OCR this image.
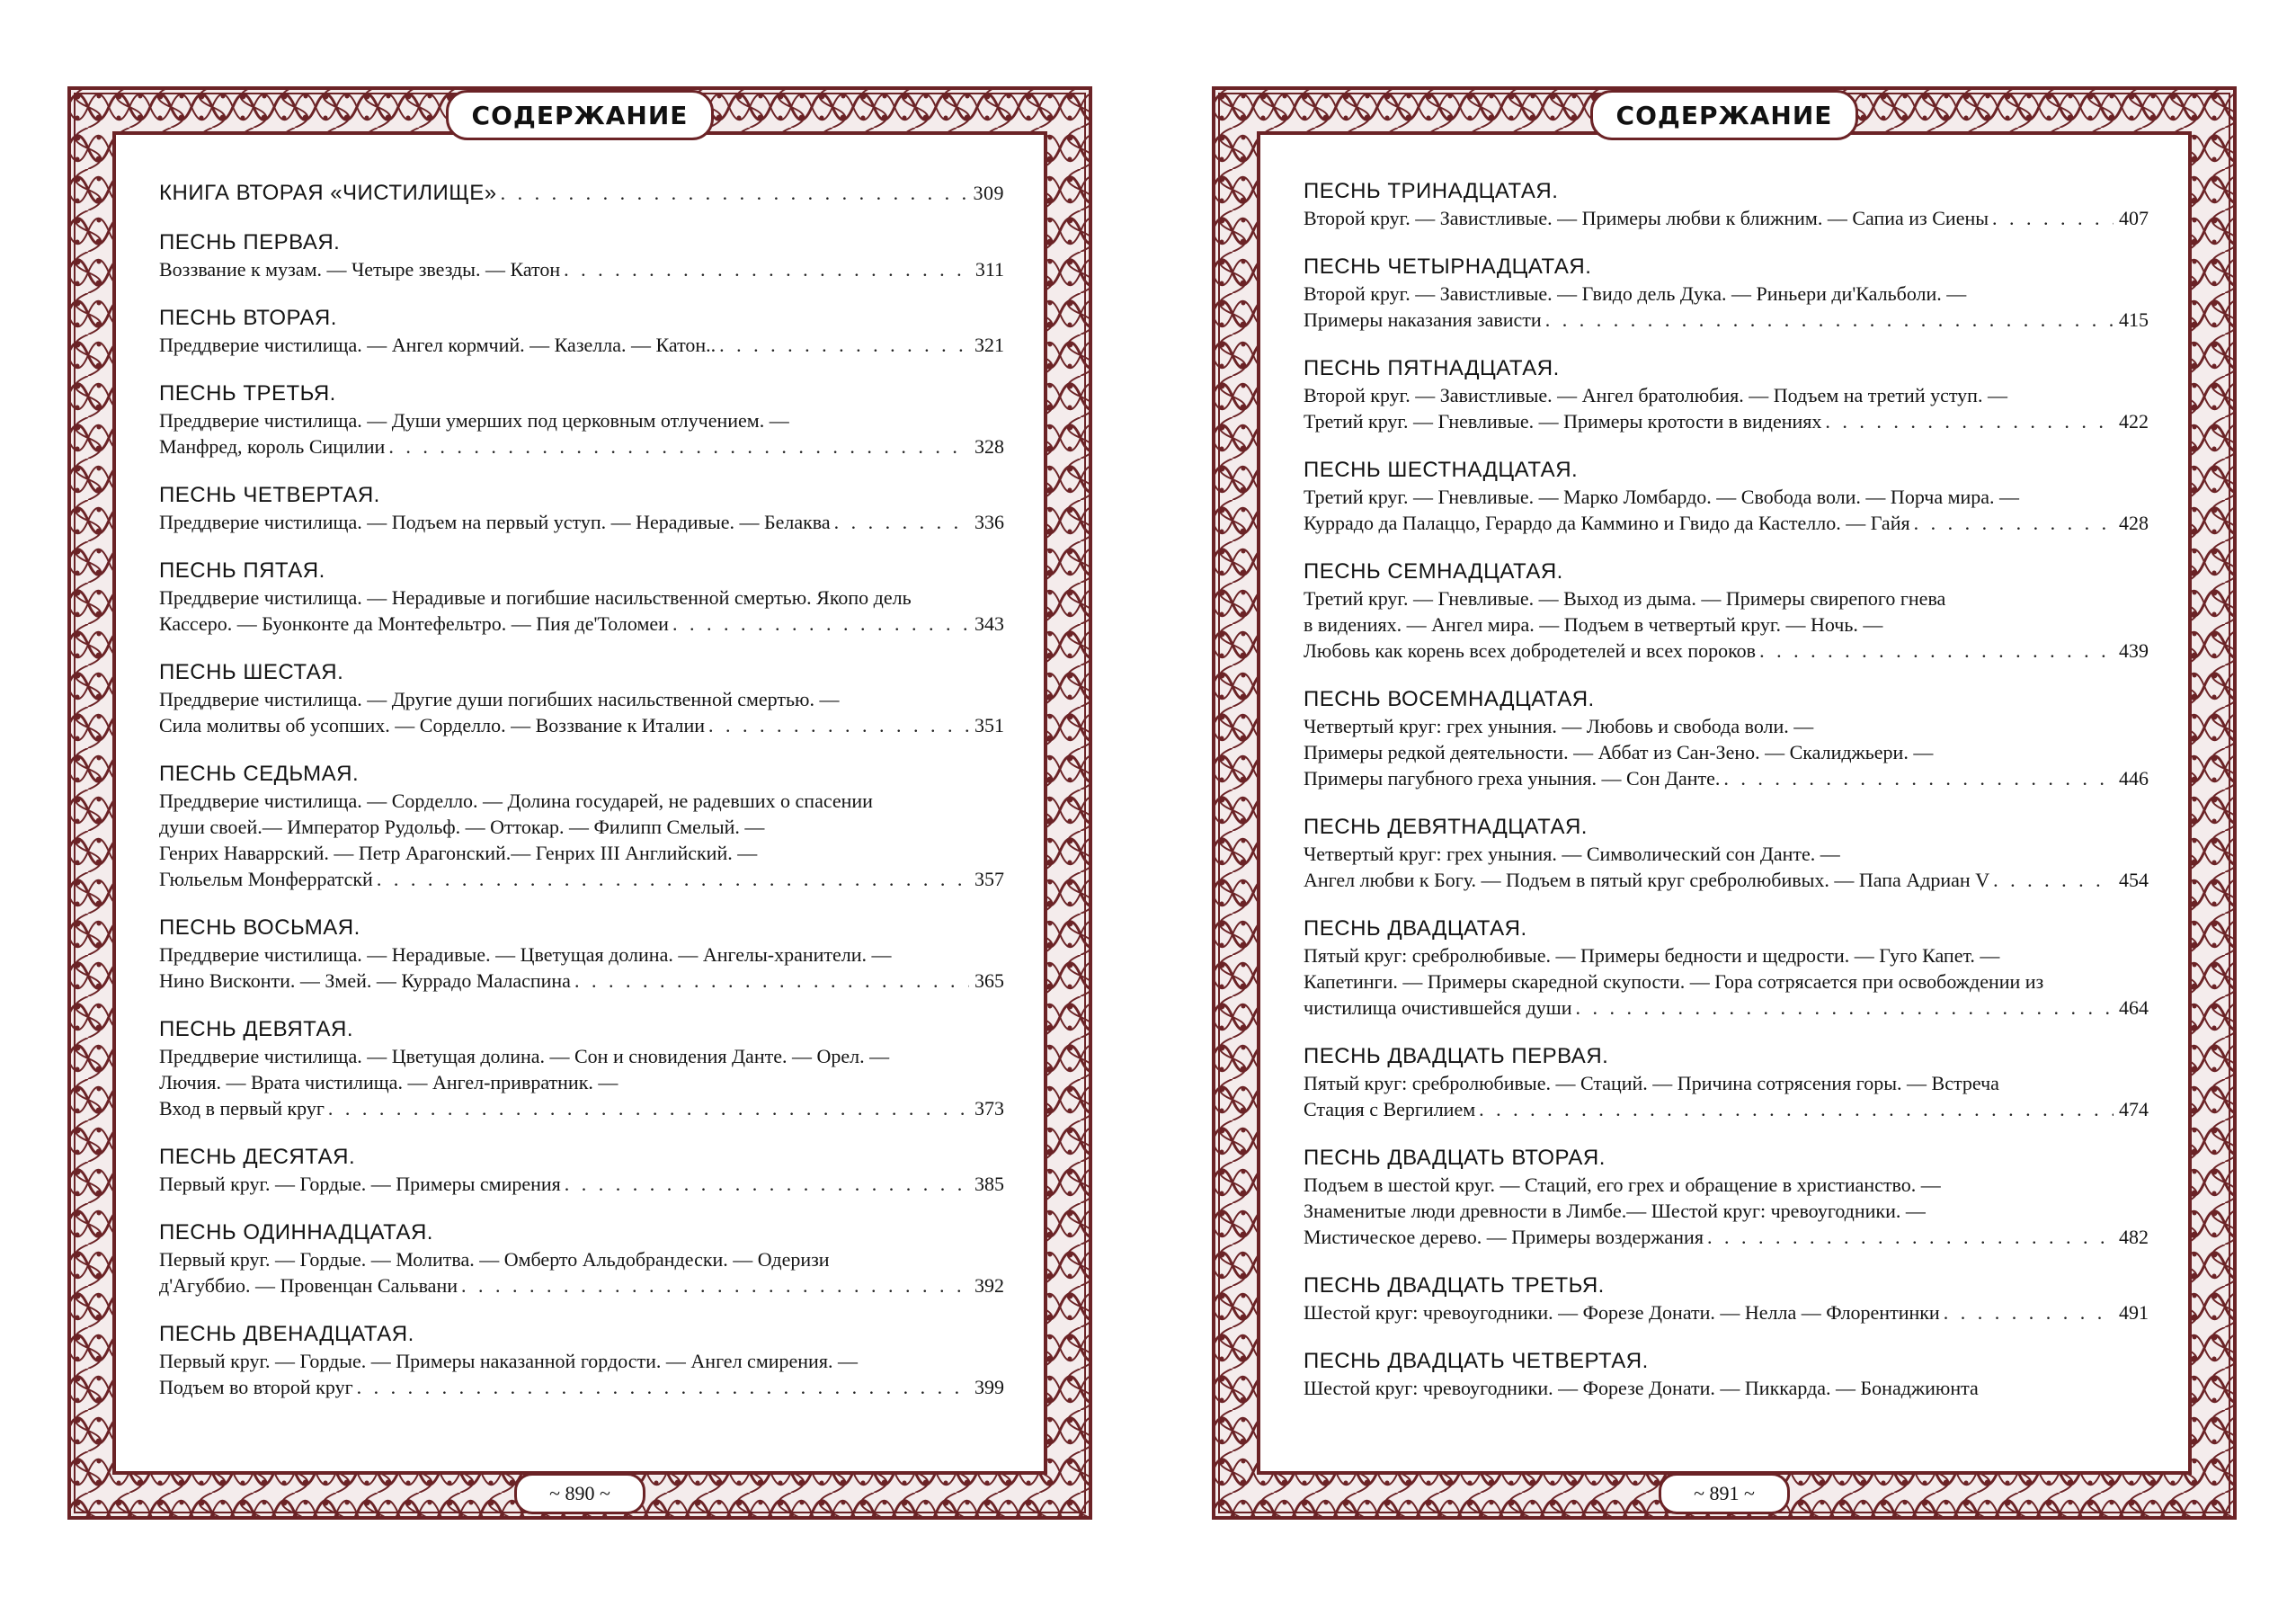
СОДЕРЖАНИЕ
КНИГА ВТОРАЯ «ЧИСТИЛИЩЕ» . . .	309
ПЕСНЬ ПЕРВАЯ.
Воззвание к музам. — Четыре звезды. — Катон . . .	311
ПЕСНЬ ВТОРАЯ.
Преддверие чистилища. — Ангел кормчий. — Казелла. — Катон.. . . .	321
ПЕСНЬ ТРЕТЬЯ.
Преддверие чистилища. — Души умерших под церковным отлучением. —
Манфред, король Сицилии . . .	328
ПЕСНЬ ЧЕТВЕРТАЯ.
Преддверие чистилища. — Подъем на первый уступ. — Нерадивые. — Белаква . . .	336
ПЕСНЬ ПЯТАЯ.
Преддверие чистилища. — Нерадивые и погибшие насильственной смертью. Якопо дель
Кассеро. — Буонконте да Монтефельтро. — Пия де'Толомеи . . .	343
ПЕСНЬ ШЕСТАЯ.
Преддверие чистилища. — Другие души погибших насильственной смертью. —
Сила молитвы об усопших. — Сорделло. — Воззвание к Италии . . .	351
ПЕСНЬ СЕДЬМАЯ.
Преддверие чистилища. — Сорделло. — Долина государей, не радевших о спасении
души своей.— Император Рудольф. — Оттокар. — Филипп Смелый. —
Генрих Наваррский. — Петр Арагонский.— Генрих III Английский. —
Гюльельм Монферратскй . . .	357
ПЕСНЬ ВОСЬМАЯ.
Преддверие чистилища. — Нерадивые. — Цветущая долина. — Ангелы-хранители. —
Нино Висконти. — Змей. — Куррадо Маласпина . . .	365
ПЕСНЬ ДЕВЯТАЯ.
Преддверие чистилища. — Цветущая долина. — Сон и сновидения Данте. — Орел. —
Лючия. — Врата чистилища. — Ангел-привратник. —
Вход в первый круг . . .	373
ПЕСНЬ ДЕСЯТАЯ.
Первый круг. — Гордые. — Примеры смирения . . .	385
ПЕСНЬ ОДИННАДЦАТАЯ.
Первый круг. — Гордые. — Молитва. — Омберто Альдобрандески. — Одеризи
д'Агуббио. — Провенцан Сальвани . . .	392
ПЕСНЬ ДВЕНАДЦАТАЯ.
Первый круг. — Гордые. — Примеры наказанной гордости. — Ангел смирения. —
Подъем во второй круг . . .	399
~ 890 ~
СОДЕРЖАНИЕ
ПЕСНЬ ТРИНАДЦАТАЯ.
Второй круг. — Завистливые. — Примеры любви к ближним. — Сапиа из Сиены . . .	407
ПЕСНЬ ЧЕТЫРНАДЦАТАЯ.
Второй круг. — Завистливые. — Гвидо дель Дука. — Риньери ди'Кальболи. —
Примеры наказания зависти . . .	415
ПЕСНЬ ПЯТНАДЦАТАЯ.
Второй круг. — Завистливые. — Ангел братолюбия. — Подъем на третий уступ. —
Третий круг. — Гневливые. — Примеры кротости в видениях . . .	422
ПЕСНЬ ШЕСТНАДЦАТАЯ.
Третий круг. — Гневливые. — Марко Ломбардо. — Свобода воли. — Порча мира. —
Куррадо да Палаццо, Герардо да Каммино и Гвидо да Кастелло. — Гайя . . .	428
ПЕСНЬ СЕМНАДЦАТАЯ.
Третий круг. — Гневливые. — Выход из дыма. — Примеры свирепого гнева
в видениях. — Ангел мира. — Подъем в четвертый круг. — Ночь. —
Любовь как корень всех добродетелей и всех пороков . . .	439
ПЕСНЬ ВОСЕМНАДЦАТАЯ.
Четвертый круг: грех уныния. — Любовь и свобода воли. —
Примеры редкой деятельности. — Аббат из Сан-Зено. — Скалиджьери. —
Примеры пагубного греха уныния. — Сон Данте. . . .	446
ПЕСНЬ ДЕВЯТНАДЦАТАЯ.
Четвертый круг: грех уныния. — Символический сон Данте. —
Ангел любви к Богу. — Подъем в пятый круг сребролюбивых. — Папа Адриан V . . .	454
ПЕСНЬ ДВАДЦАТАЯ.
Пятый круг: сребролюбивые. — Примеры бедности и щедрости. — Гуго Капет. —
Капетинги. — Примеры скаредной скупости. — Гора сотрясается при освобождении из
чистилища очистившейся души . . .	464
ПЕСНЬ ДВАДЦАТЬ ПЕРВАЯ.
Пятый круг: сребролюбивые. — Стаций. — Причина сотрясения горы. — Встреча
Стация с Вергилием . . .	474
ПЕСНЬ ДВАДЦАТЬ ВТОРАЯ.
Подъем в шестой круг. — Стаций, его грех и обращение в христианство. —
Знаменитые люди древности в Лимбе.— Шестой круг: чревоугодники. —
Мистическое дерево. — Примеры воздержания . . .	482
ПЕСНЬ ДВАДЦАТЬ ТРЕТЬЯ.
Шестой круг: чревоугодники. — Форезе Донати. — Нелла — Флорентинки . . .	491
ПЕСНЬ ДВАДЦАТЬ ЧЕТВЕРТАЯ.
Шестой круг: чревоугодники. — Форезе Донати. — Пиккарда. — Бонаджиюнта
~ 891 ~
